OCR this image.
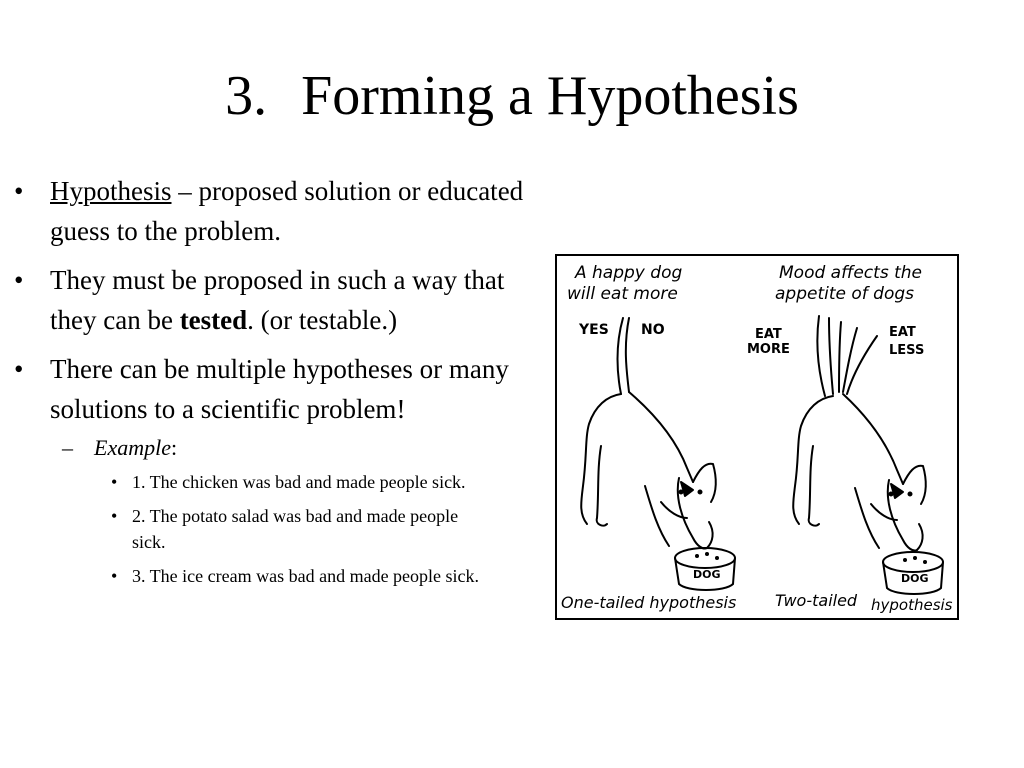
3. Forming a Hypothesis
• Hypothesis – proposed solution or educated guess to the problem.
• They must be proposed in such a way that they can be tested. (or testable.)
• There can be multiple hypotheses or many solutions to a scientific problem!
– Example:
• 1. The chicken was bad and made people sick.
• 2. The potato salad was bad and made people sick.
• 3. The ice cream was bad and made people sick.
A happy dog
will eat more
YES NO
DOG
One-tailed hypothesis
Mood affects the
appetite of dogs
EAT
MORE
EAT
LESS
DOG
Two-tailed hypothesis
